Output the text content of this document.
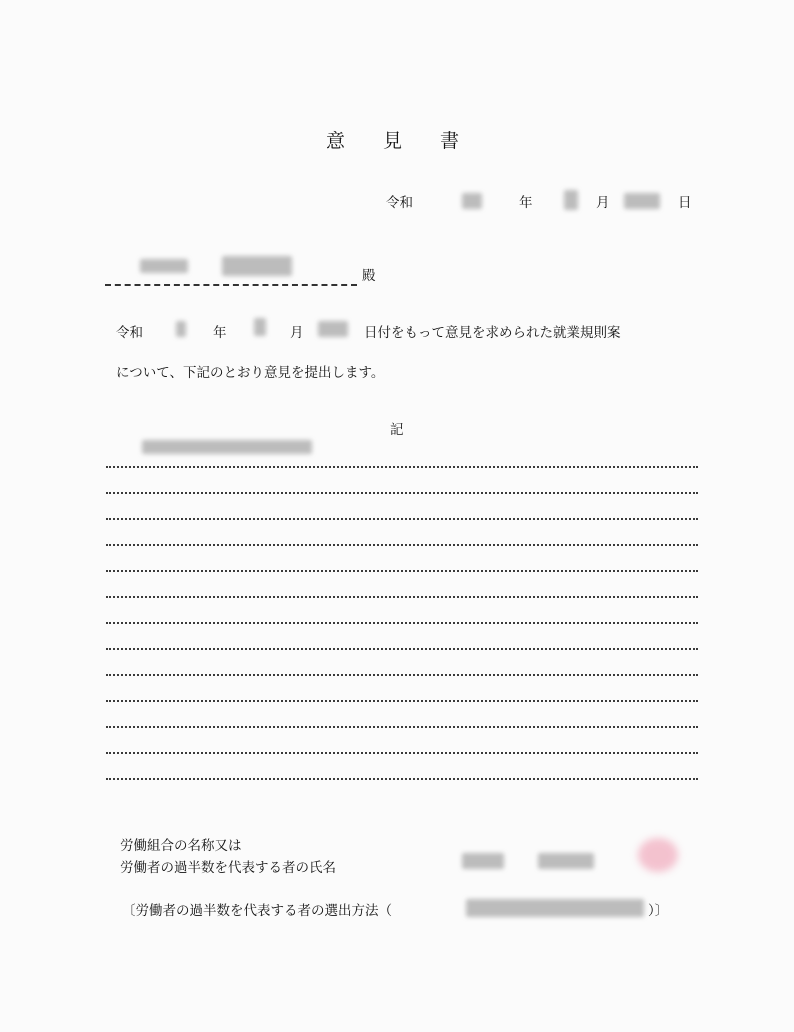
意 見 書
令和	年	月	日
殿
令和	年	月	日付をもって意見を求められた就業規則案
について、下記のとおり意見を提出します。
記
労働組合の名称又は
労働者の過半数を代表する者の氏名
〔労働者の過半数を代表する者の選出方法（	）〕
